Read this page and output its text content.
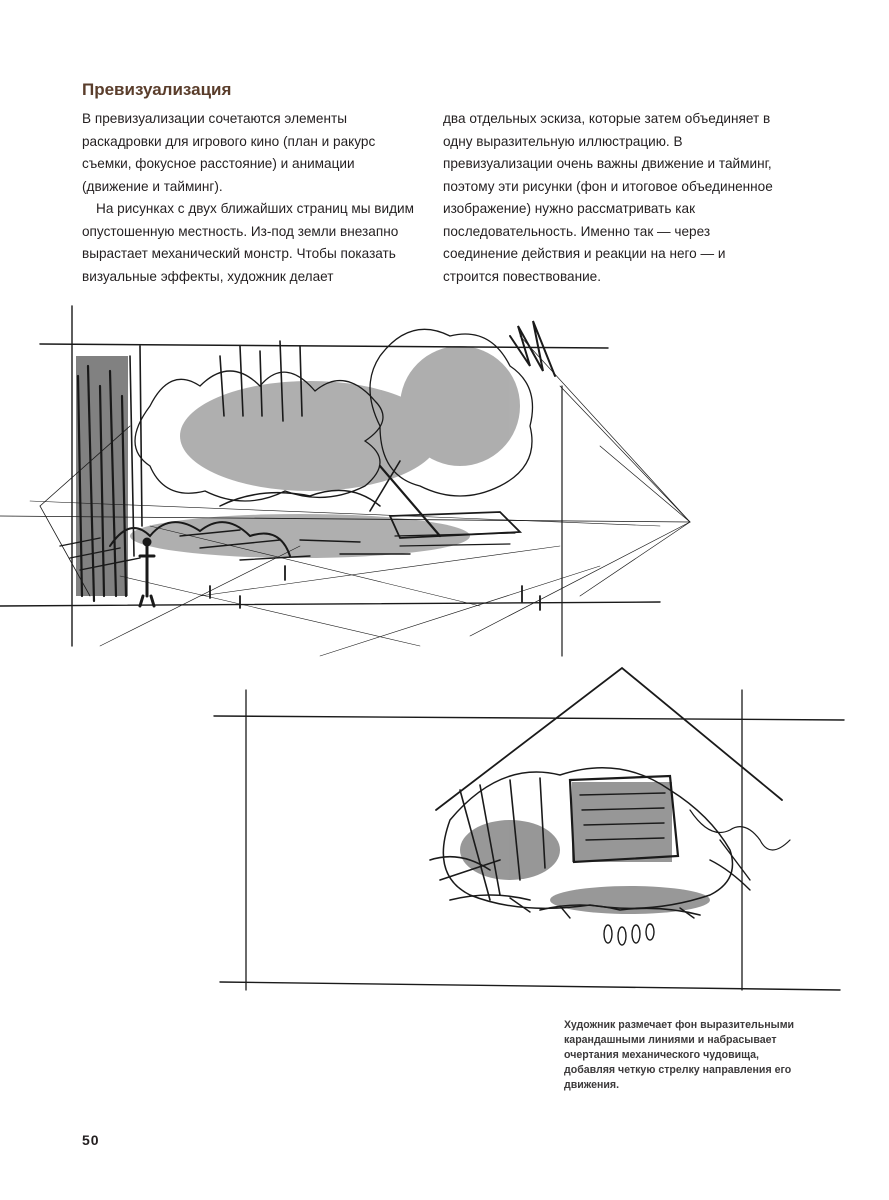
Превизуализация

В превизуализации сочетаются элементы раскадровки для игрового кино (план и ракурс съемки, фокусное расстояние) и анимации (движение и тайминг).

На рисунках с двух ближайших страниц мы видим опустошенную местность. Из-под земли внезапно вырастает механический монстр. Чтобы показать визуальные эффекты, художник делает

два отдельных эскиза, которые затем объединяет в одну выразительную иллюстрацию. В превизуализации очень важны движение и тайминг, поэтому эти рисунки (фон и итоговое объединенное изображение) нужно рассматривать как последовательность. Именно так — через соединение действия и реакции на него — и строится повествование.

Художник размечает фон выразительными карандашными линиями и набрасывает очертания механического чудовища, добавляя четкую стрелку направления его движения.

50
